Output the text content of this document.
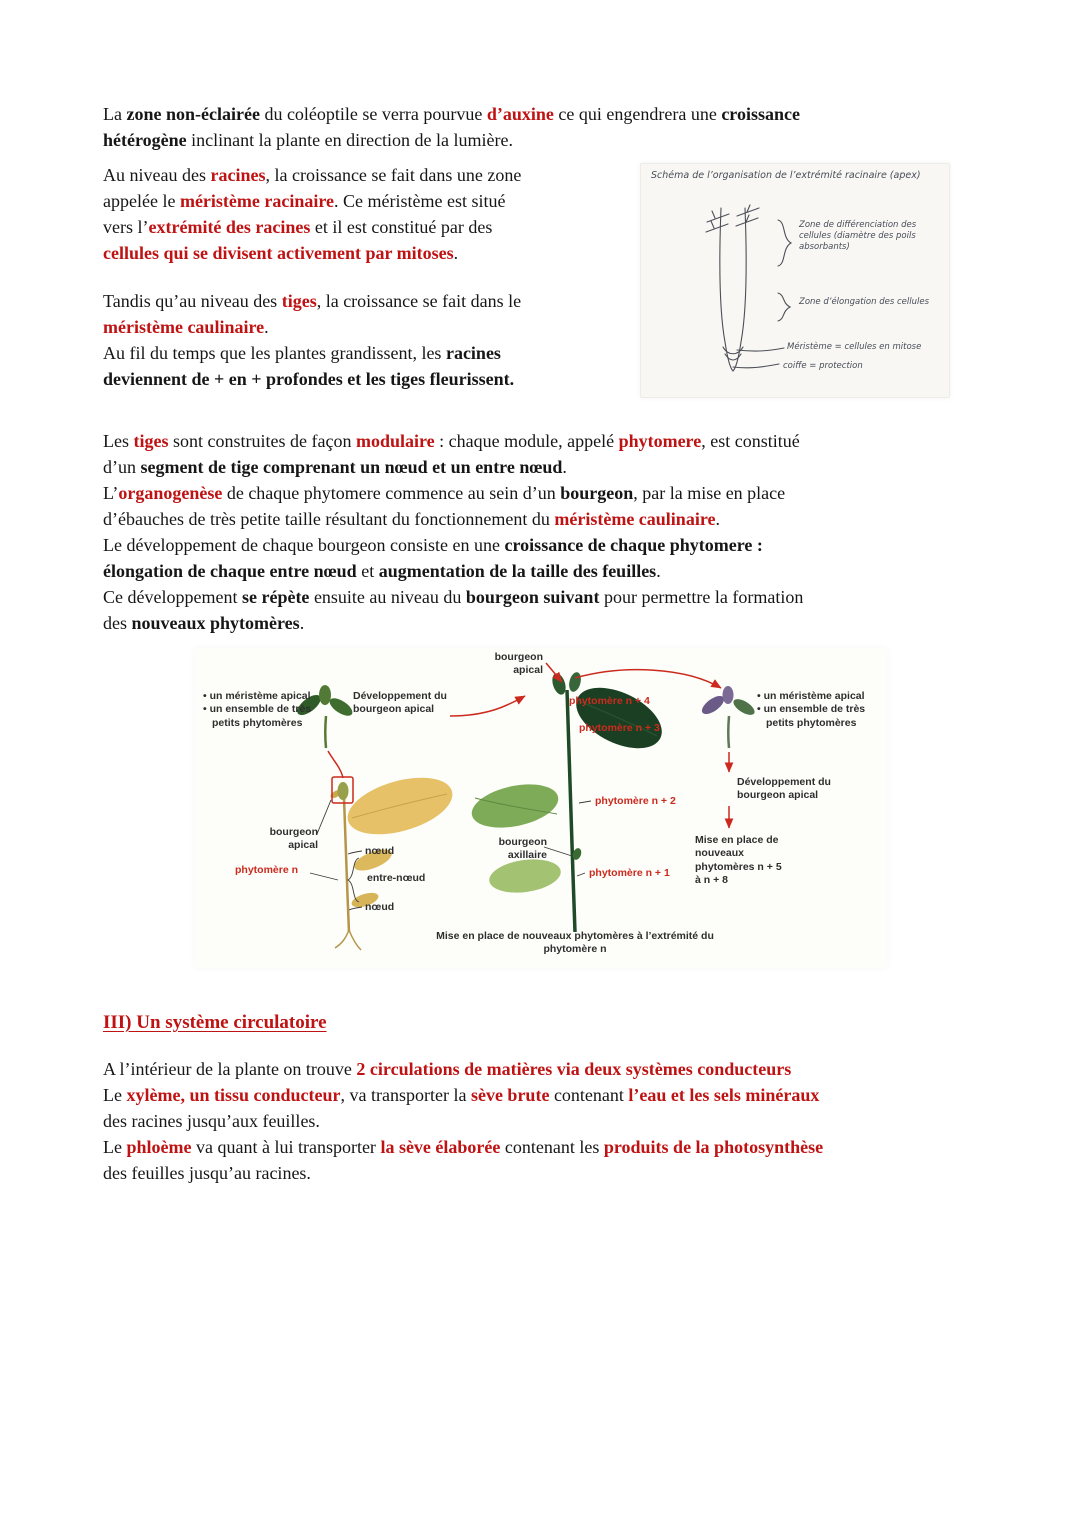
La zone non-éclairée du coléoptile se verra pourvue d’auxine ce qui engendrera une croissance
hétérogène inclinant la plante en direction de la lumière.

Au niveau des racines, la croissance se fait dans une zone
appelée le méristème racinaire. Ce méristème est situé
vers l’extrémité des racines et il est constitué par des
cellules qui se divisent activement par mitoses.

Tandis qu’au niveau des tiges, la croissance se fait dans le
méristème caulinaire.

Au fil du temps que les plantes grandissent, les racines
deviennent de + en + profondes et les tiges fleurissent.

Schéma de l’organisation de l’extrémité racinaire (apex)
Zone de différenciation des cellules (diamètre des poils absorbants)
Zone d’élongation des cellules
Méristème = cellules en mitose
coiffe = protection

Les tiges sont construites de façon modulaire : chaque module, appelé phytomere, est constitué
d’un segment de tige comprenant un nœud et un entre nœud.

L’organogenèse de chaque phytomere commence au sein d’un bourgeon, par la mise en place
d’ébauches de très petite taille résultant du fonctionnement du méristème caulinaire.

Le développement de chaque bourgeon consiste en une croissance de chaque phytomere :
élongation de chaque entre nœud et augmentation de la taille des feuilles.

Ce développement se répète ensuite au niveau du bourgeon suivant pour permettre la formation
des nouveaux phytomères.

bourgeon apical
• un méristème apical
• un ensemble de très petits phytomères
Développement du bourgeon apical
bourgeon apical	nœud
entre-nœud
nœud
phytomère n
bourgeon axillaire
phytomère n + 4
phytomère n + 3
phytomère n + 2
phytomère n + 1
• un méristème apical
• un ensemble de très petits phytomères
Développement du bourgeon apical
Mise en place de nouveaux phytomères n + 5 à n + 8
Mise en place de nouveaux phytomères à l’extrémité du phytomère n
III) Un système circulatoire

A l’intérieur de la plante on trouve 2 circulations de matières via deux systèmes conducteurs

Le xylème, un tissu conducteur, va transporter la sève brute contenant l’eau et les sels minéraux
des racines jusqu’aux feuilles.

Le phloème va quant à lui transporter la sève élaborée contenant les produits de la photosynthèse
des feuilles jusqu’au racines.
